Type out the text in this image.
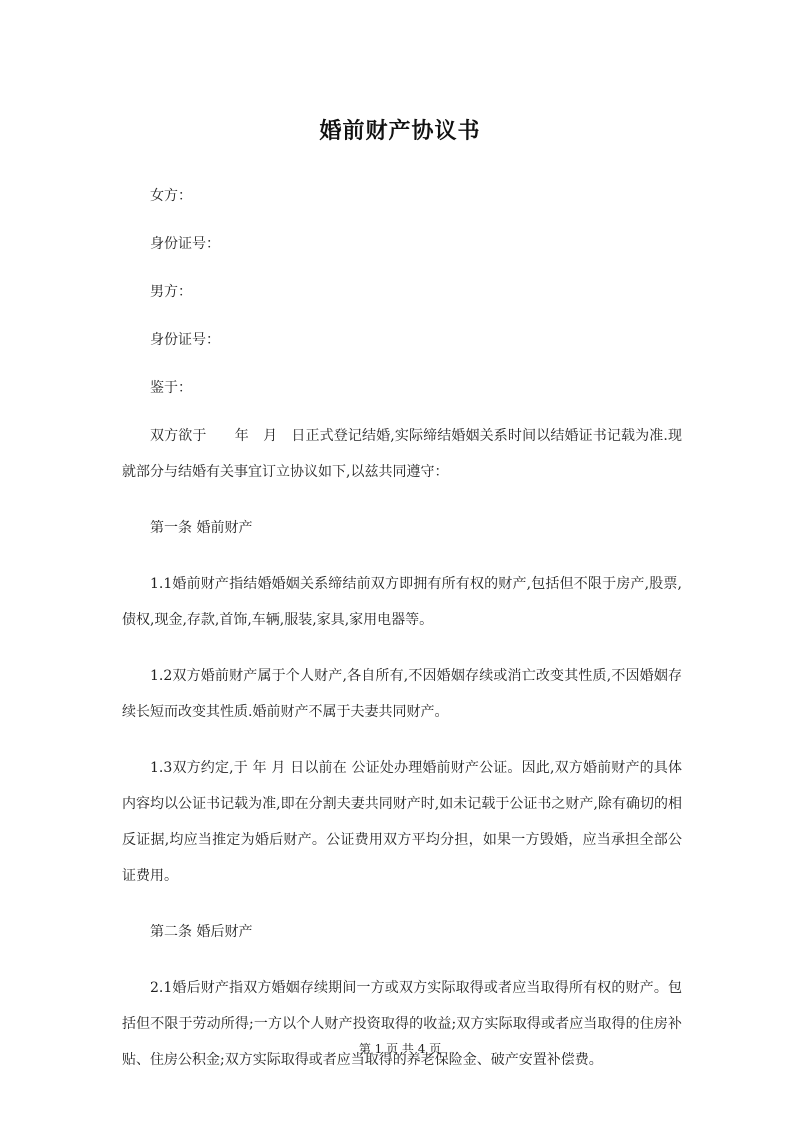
婚前财产协议书

女方：

身份证号：

男方：

身份证号：

鉴于：

双方欲于　　年　月　日正式登记结婚,实际缔结婚姻关系时间以结婚证书记载为准.现就部分与结婚有关事宜订立协议如下,以兹共同遵守：

第一条 婚前财产

1.1婚前财产指结婚婚姻关系缔结前双方即拥有所有权的财产,包括但不限于房产,股票,债权,现金,存款,首饰,车辆,服装,家具,家用电器等。

1.2双方婚前财产属于个人财产,各自所有,不因婚姻存续或消亡改变其性质,不因婚姻存续长短而改变其性质.婚前财产不属于夫妻共同财产。

1.3双方约定,于 年 月 日以前在 公证处办理婚前财产公证。因此,双方婚前财产的具体内容均以公证书记载为准,即在分割夫妻共同财产时,如未记载于公证书之财产,除有确切的相反证据,均应当推定为婚后财产。公证费用双方平均分担，如果一方毁婚，应当承担全部公证费用。

第二条 婚后财产

2.1婚后财产指双方婚姻存续期间一方或双方实际取得或者应当取得所有权的财产。包括但不限于劳动所得;一方以个人财产投资取得的收益;双方实际取得或者应当取得的住房补贴、住房公积金;双方实际取得或者应当取得的养老保险金、破产安置补偿费。

第 1 页 共 4 页
